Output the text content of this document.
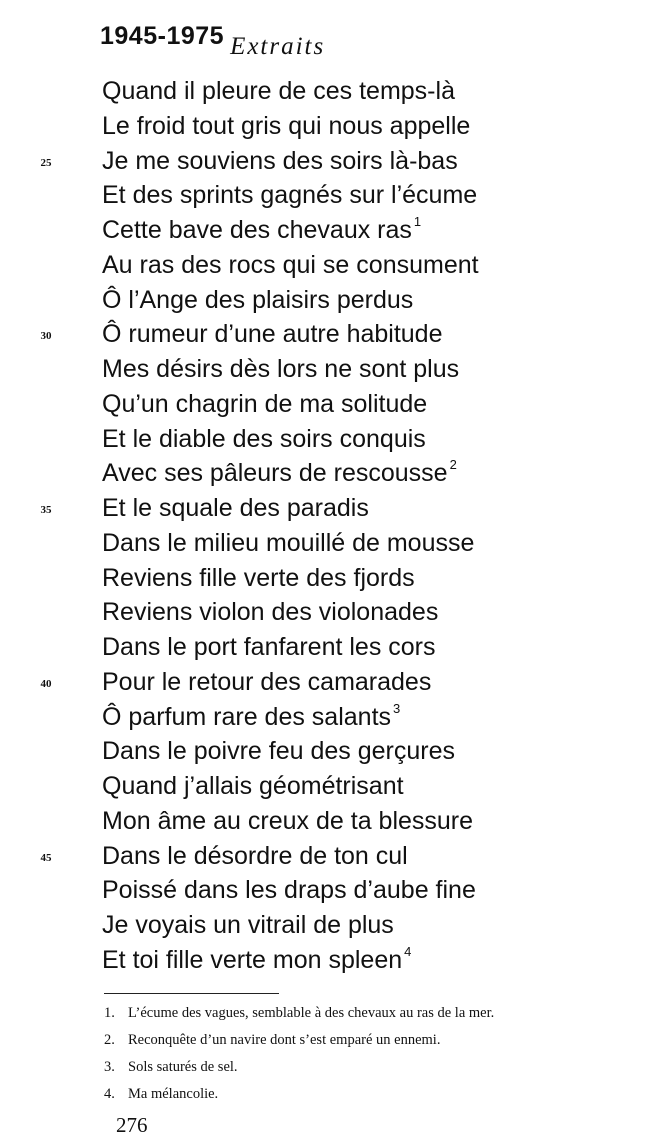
1945-1975 Extraits
Quand il pleure de ces temps-là
Le froid tout gris qui nous appelle
25 Je me souviens des soirs là-bas
Et des sprints gagnés sur l’écume
Cette bave des chevaux ras $^1$
Au ras des rocs qui se consument
Ô l’Ange des plaisirs perdus
30 Ô rumeur d’une autre habitude
Mes désirs dès lors ne sont plus
Qu’un chagrin de ma solitude
Et le diable des soirs conquis
Avec ses pâleurs de rescousse $^2$
35 Et le squale des paradis
Dans le milieu mouillé de mousse
Reviens fille verte des fjords
Reviens violon des violonades
Dans le port fanfarent les cors
40 Pour le retour des camarades
Ô parfum rare des salants $^3$
Dans le poivre feu des gerçures
Quand j’allais géométrisant
Mon âme au creux de ta blessure
45 Dans le désordre de ton cul
Poissé dans les draps d’aube fine
Je voyais un vitrail de plus
Et toi fille verte mon spleen $^4$
1. L’écume des vagues, semblable à des chevaux au ras de la mer.
2. Reconquête d’un navire dont s’est emparé un ennemi.
3. Sols saturés de sel.
4. Ma mélancolie.
276
